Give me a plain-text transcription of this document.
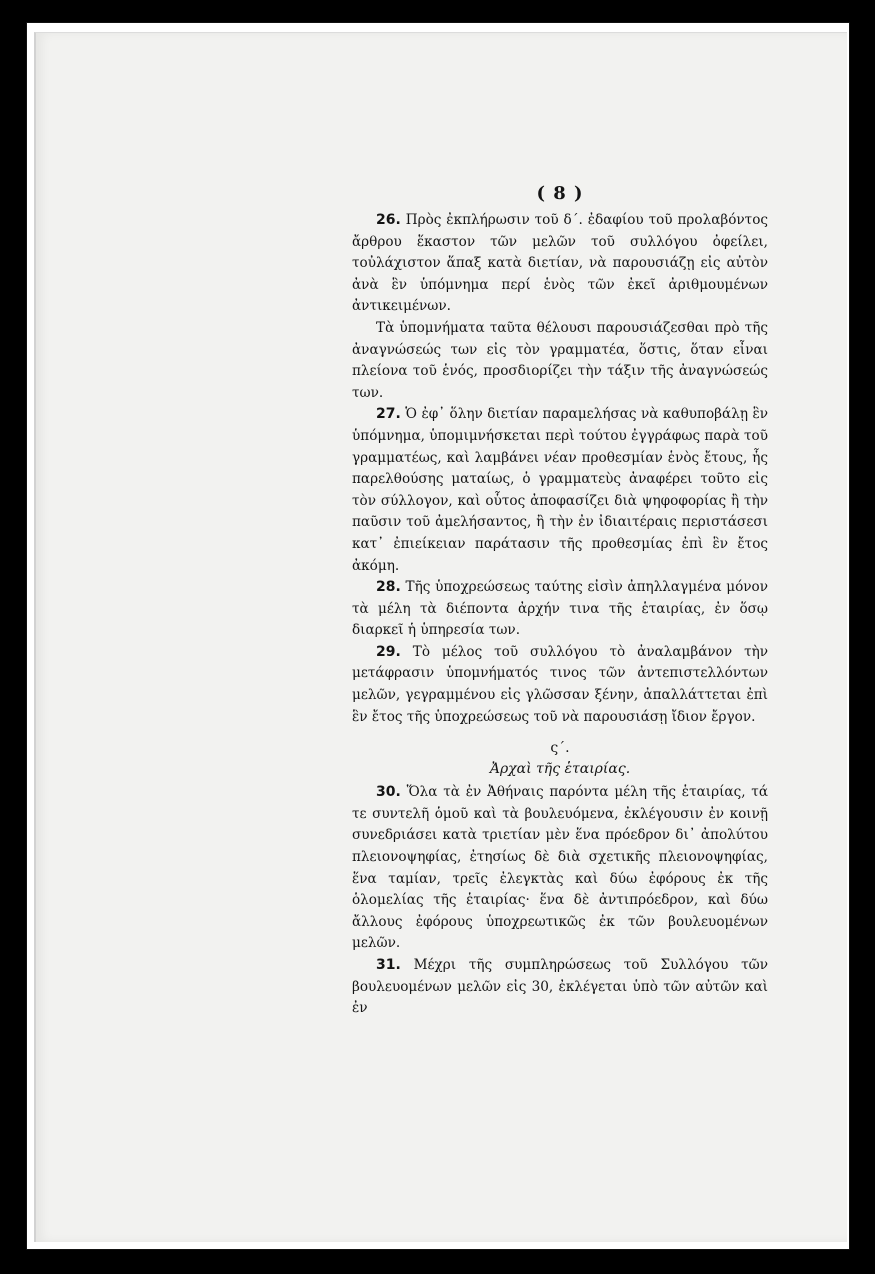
( 8 )

26. Πρὸς ἐκπλήρωσιν τοῦ δ΄. ἐδαφίου τοῦ προλαβόντος ἄρθρου ἕκαστον τῶν μελῶν τοῦ συλλόγου ὀφείλει, τοὐλάχιστον ἅπαξ κατὰ διετίαν, νὰ παρουσιάζῃ εἰς αὐτὸν ἀνὰ ἓν ὑπόμνημα περί ἑνὸς τῶν ἐκεῖ ἀριθμουμένων ἀντικειμένων.

Τὰ ὑπομνήματα ταῦτα θέλουσι παρουσιάζεσθαι πρὸ τῆς ἀναγνώσεώς των εἰς τὸν γραμματέα, ὅστις, ὅταν εἶναι πλείονα τοῦ ἑνός, προσδιορίζει τὴν τάξιν τῆς ἀναγνώσεώς των.

27. Ὁ ἐφ᾽ ὅλην διετίαν παραμελήσας νὰ καθυποβάλῃ ἓν ὑπόμνημα, ὑπομιμνήσκεται περὶ τούτου ἐγγράφως παρὰ τοῦ γραμματέως, καὶ λαμβάνει νέαν προθεσμίαν ἑνὸς ἔτους, ἧς παρελθούσης ματαίως, ὁ γραμματεὺς ἀναφέρει τοῦτο εἰς τὸν σύλλογον, καὶ οὗτος ἀποφασίζει διὰ ψηφοφορίας ἢ τὴν παῦσιν τοῦ ἀμελήσαντος, ἢ τὴν ἐν ἰδιαιτέραις περιστάσεσι κατ᾽ ἐπιείκειαν παράτασιν τῆς προθεσμίας ἐπὶ ἓν ἔτος ἀκόμη.

28. Τῆς ὑποχρεώσεως ταύτης εἰσὶν ἀπηλλαγμένα μόνον τὰ μέλη τὰ διέποντα ἀρχήν τινα τῆς ἑταιρίας, ἐν ὅσῳ διαρκεῖ ἡ ὑπηρεσία των.

29. Τὸ μέλος τοῦ συλλόγου τὸ ἀναλαμβάνον τὴν μετάφρασιν ὑπομνήματός τινος τῶν ἀντεπιστελλόντων μελῶν, γεγραμμένου εἰς γλῶσσαν ξένην, ἀπαλλάττεται ἐπὶ ἓν ἔτος τῆς ὑποχρεώσεως τοῦ νὰ παρουσιάσῃ ἴδιον ἔργον.

ς΄.
Ἀρχαὶ τῆς ἑταιρίας.

30. Ὅλα τὰ ἐν Ἀθήναις παρόντα μέλη τῆς ἑταιρίας, τά τε συντελῆ ὁμοῦ καὶ τὰ βουλευόμενα, ἐκλέγουσιν ἐν κοινῇ συνεδριάσει κατὰ τριετίαν μὲν ἕνα πρόεδρον δι᾽ ἀπολύτου πλειονοψηφίας, ἐτησίως δὲ διὰ σχετικῆς πλειονοψηφίας, ἕνα ταμίαν, τρεῖς ἐλεγκτὰς καὶ δύω ἐφόρους ἐκ τῆς ὁλομελίας τῆς ἑταιρίας· ἕνα δὲ ἀντιπρόεδρον, καὶ δύω ἄλλους ἐφόρους ὑποχρεωτικῶς ἐκ τῶν βουλευομένων μελῶν.

31. Μέχρι τῆς συμπληρώσεως τοῦ Συλλόγου τῶν βουλευομένων μελῶν εἰς 30, ἐκλέγεται ὑπὸ τῶν αὐτῶν καὶ ἐν
